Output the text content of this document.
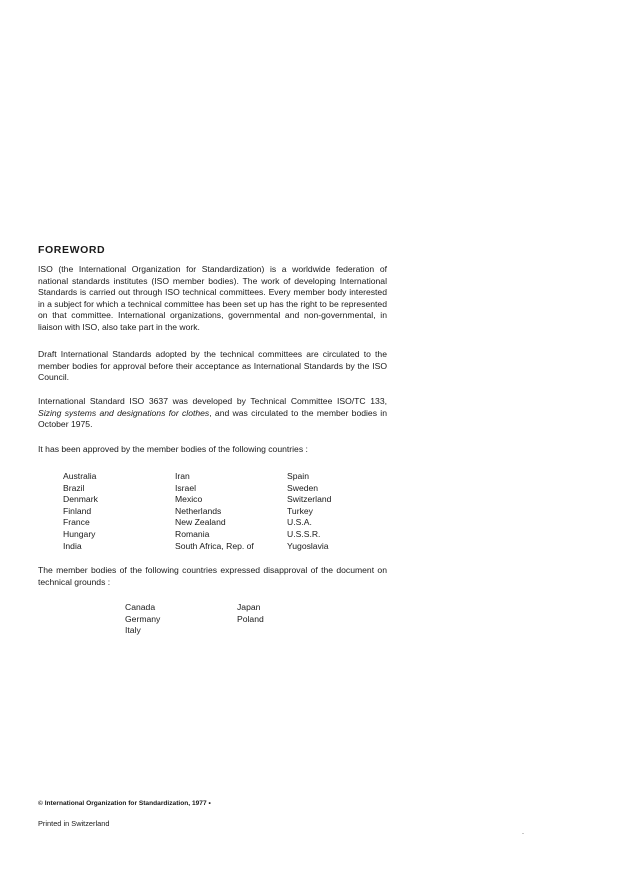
FOREWORD

ISO (the International Organization for Standardization) is a worldwide federation of national standards institutes (ISO member bodies). The work of developing International Standards is carried out through ISO technical committees. Every member body interested in a subject for which a technical committee has been set up has the right to be represented on that committee. International organizations, governmental and non-governmental, in liaison with ISO, also take part in the work.

Draft International Standards adopted by the technical committees are circulated to the member bodies for approval before their acceptance as International Standards by the ISO Council.

International Standard ISO 3637 was developed by Technical Committee ISO/TC 133, Sizing systems and designations for clothes, and was circulated to the member bodies in October 1975.

It has been approved by the member bodies of the following countries :

Australia
Brazil
Denmark
Finland
France
Hungary
India
Iran
Israel
Mexico
Netherlands
New Zealand
Romania
South Africa, Rep. of
Spain
Sweden
Switzerland
Turkey
U.S.A.
U.S.S.R.
Yugoslavia

The member bodies of the following countries expressed disapproval of the document on technical grounds :

Canada
Germany
Italy
Japan
Poland
© International Organization for Standardization, 1977 •
Printed in Switzerland
